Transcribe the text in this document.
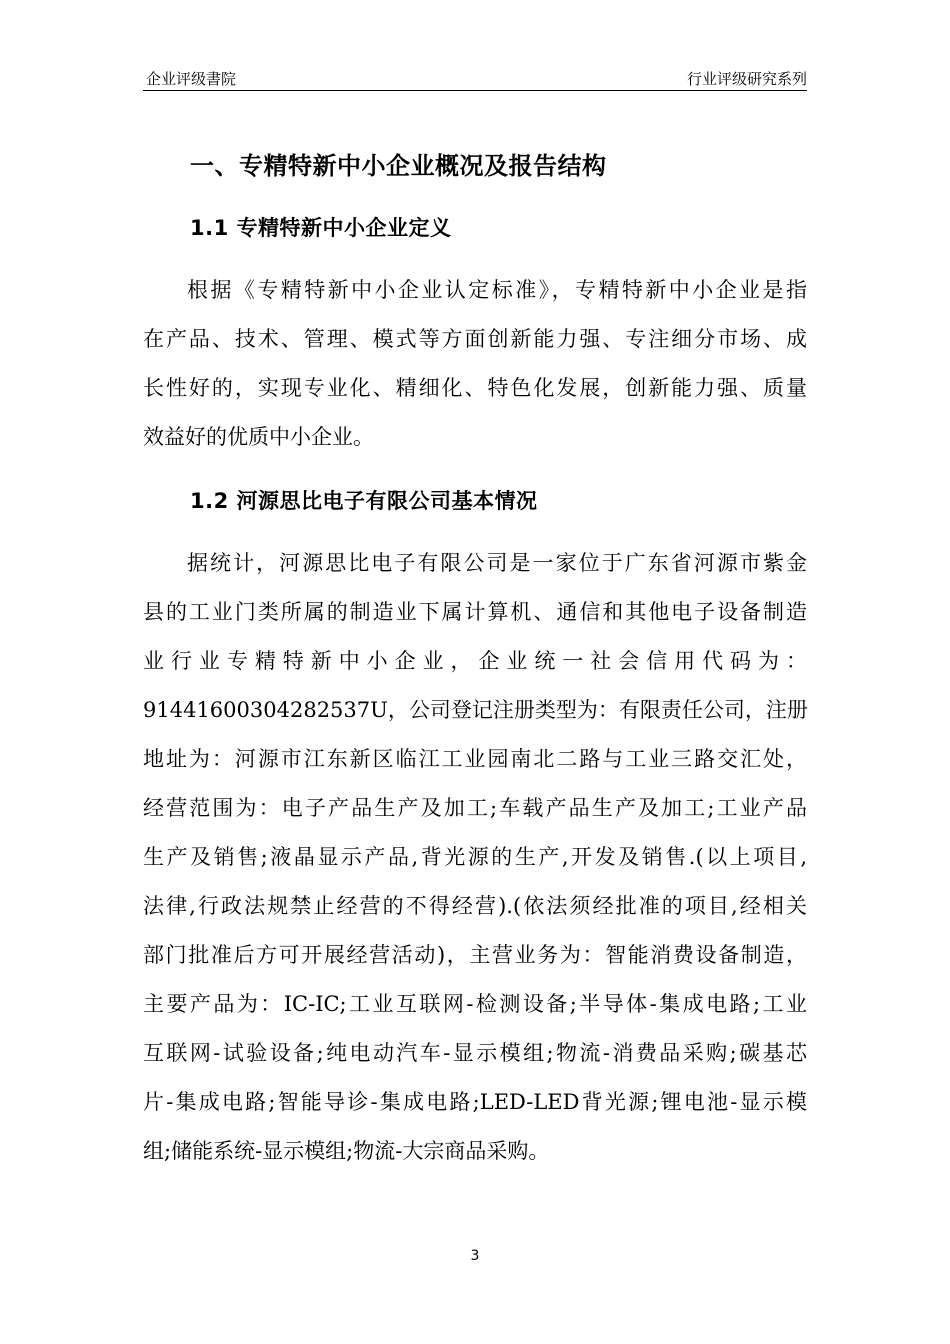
企业评级書院	行业评级研究系列
一、专精特新中小企业概况及报告结构
1.1 专精特新中小企业定义
根据《专精特新中小企业认定标准》，专精特新中小企业是指
在产品、技术、管理、模式等方面创新能力强、专注细分市场、成
长性好的，实现专业化、精细化、特色化发展，创新能力强、质量
效益好的优质中小企业。
1.2 河源思比电子有限公司基本情况
据统计，河源思比电子有限公司是一家位于广东省河源市紫金
县的工业门类所属的制造业下属计算机、通信和其他电子设备制造
业行业专精特新中小企业，企业统一社会信用代码为：
91441600304282537U，公司登记注册类型为：有限责任公司，注册
地址为：河源市江东新区临江工业园南北二路与工业三路交汇处，
经营范围为：电子产品生产及加工;车载产品生产及加工;工业产品
生产及销售;液晶显示产品,背光源的生产,开发及销售.(以上项目,
法律,行政法规禁止经营的不得经营).(依法须经批准的项目,经相关
部门批准后方可开展经营活动)，主营业务为：智能消费设备制造，
主要产品为：IC-IC;工业互联网-检测设备;半导体-集成电路;工业
互联网-试验设备;纯电动汽车-显示模组;物流-消费品采购;碳基芯
片-集成电路;智能导诊-集成电路;LED-LED背光源;锂电池-显示模
组;储能系统-显示模组;物流-大宗商品采购。
3
